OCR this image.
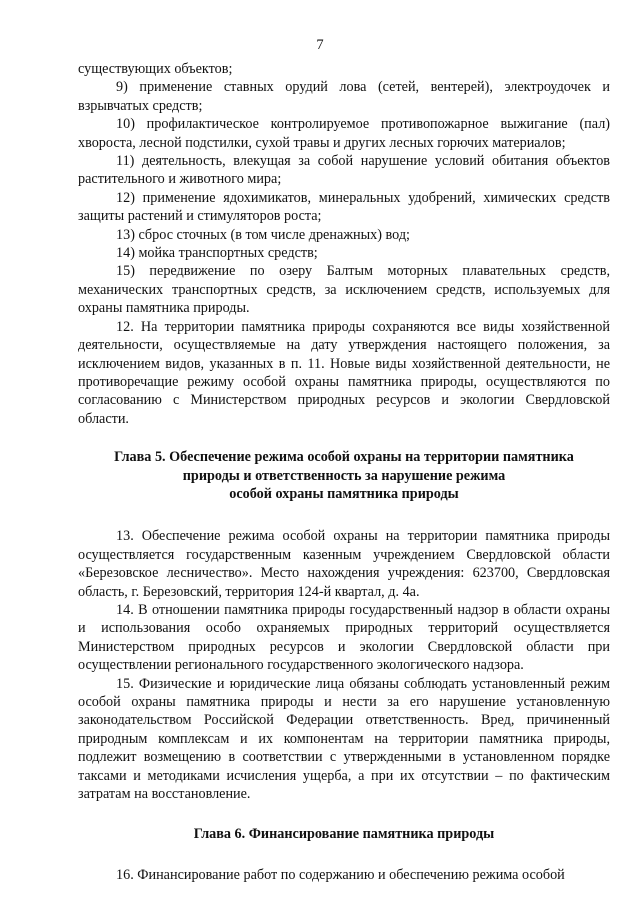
7

существующих объектов;

9) применение ставных орудий лова (сетей, вентерей), электроудочек и взрывчатых средств;

10) профилактическое контролируемое противопожарное выжигание (пал) хвороста, лесной подстилки, сухой травы и других лесных горючих материалов;

11) деятельность, влекущая за собой нарушение условий обитания объектов растительного и животного мира;

12) применение ядохимикатов, минеральных удобрений, химических средств защиты растений и стимуляторов роста;

13) сброс сточных (в том числе дренажных) вод;

14) мойка транспортных средств;

15) передвижение по озеру Балтым моторных плавательных средств, механических транспортных средств, за исключением средств, используемых для охраны памятника природы.

12. На территории памятника природы сохраняются все виды хозяйственной деятельности, осуществляемые на дату утверждения настоящего положения, за исключением видов, указанных в п. 11. Новые виды хозяйственной деятельности, не противоречащие режиму особой охраны памятника природы, осуществляются по согласованию с Министерством природных ресурсов и экологии Свердловской области.

Глава 5. Обеспечение режима особой охраны на территории памятника
природы и ответственность за нарушение режима
особой охраны памятника природы

13. Обеспечение режима особой охраны на территории памятника природы осуществляется государственным казенным учреждением Свердловской области «Березовское лесничество». Место нахождения учреждения: 623700, Свердловская область, г. Березовский, территория 124-й квартал, д. 4а.

14. В отношении памятника природы государственный надзор в области охраны и использования особо охраняемых природных территорий осуществляется Министерством природных ресурсов и экологии Свердловской области при осуществлении регионального государственного экологического надзора.

15. Физические и юридические лица обязаны соблюдать установленный режим особой охраны памятника природы и нести за его нарушение установленную законодательством Российской Федерации ответственность. Вред, причиненный природным комплексам и их компонентам на территории памятника природы, подлежит возмещению в соответствии с утвержденными в установленном порядке таксами и методиками исчисления ущерба, а при их отсутствии – по фактическим затратам на восстановление.

Глава 6. Финансирование памятника природы

16. Финансирование работ по содержанию и обеспечению режима особой
